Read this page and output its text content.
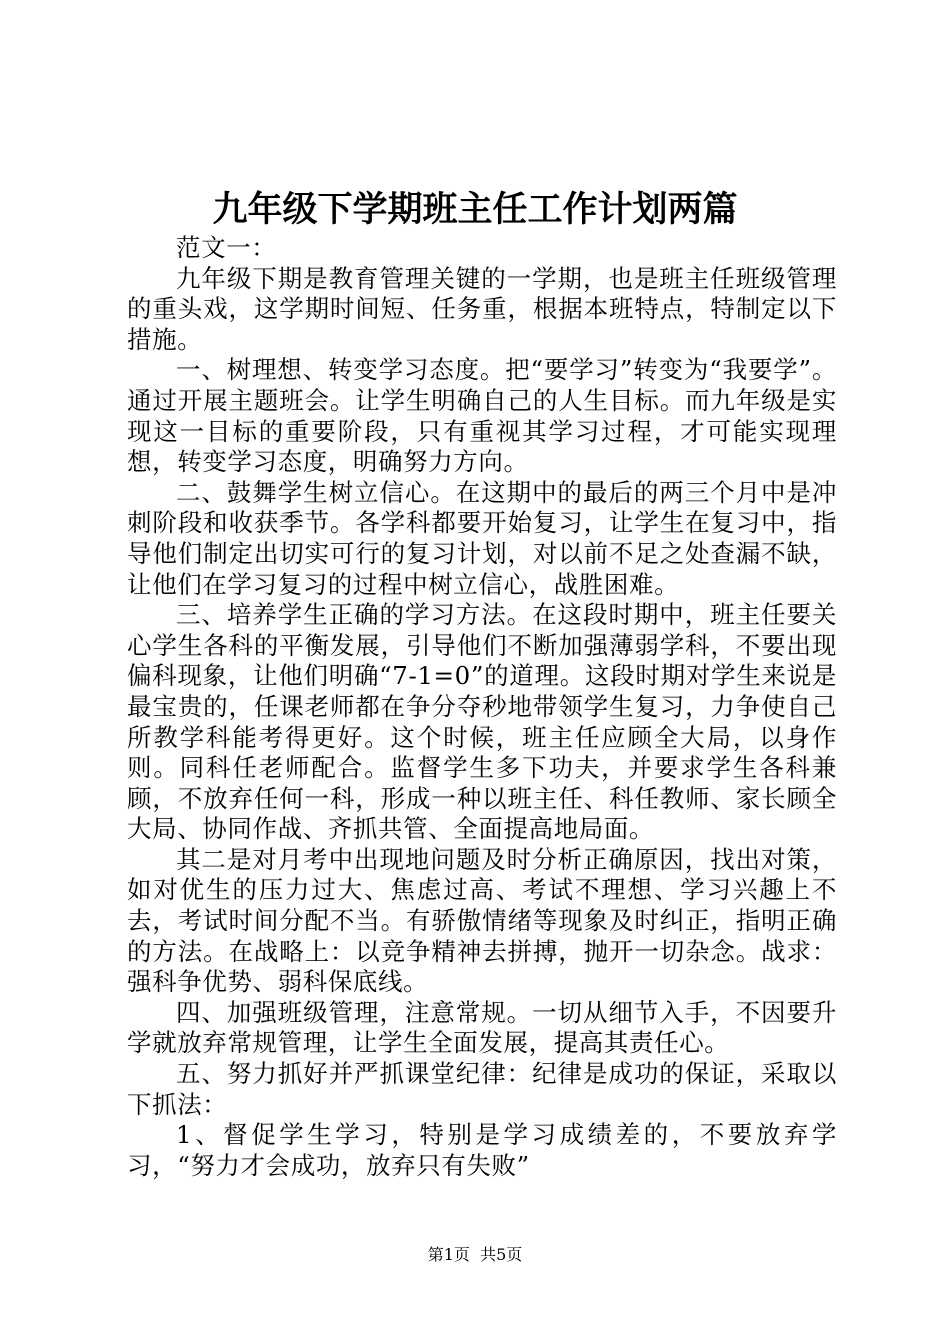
九年级下学期班主任工作计划两篇

范文一：

九年级下期是教育管理关键的一学期，也是班主任班级管理的重头戏，这学期时间短、任务重，根据本班特点，特制定以下措施。

一、树理想、转变学习态度。把“要学习”转变为“我要学”。通过开展主题班会。让学生明确自己的人生目标。而九年级是实现这一目标的重要阶段，只有重视其学习过程，才可能实现理想，转变学习态度，明确努力方向。

二、鼓舞学生树立信心。在这期中的最后的两三个月中是冲刺阶段和收获季节。各学科都要开始复习，让学生在复习中，指导他们制定出切实可行的复习计划，对以前不足之处查漏不缺，让他们在学习复习的过程中树立信心，战胜困难。

三、培养学生正确的学习方法。在这段时期中，班主任要关心学生各科的平衡发展，引导他们不断加强薄弱学科，不要出现偏科现象，让他们明确“7-1=0”的道理。这段时期对学生来说是最宝贵的，任课老师都在争分夺秒地带领学生复习，力争使自己所教学科能考得更好。这个时候，班主任应顾全大局，以身作则。同科任老师配合。监督学生多下功夫，并要求学生各科兼顾，不放弃任何一科，形成一种以班主任、科任教师、家长顾全大局、协同作战、齐抓共管、全面提高地局面。

其二是对月考中出现地问题及时分析正确原因，找出对策，如对优生的压力过大、焦虑过高、考试不理想、学习兴趣上不去，考试时间分配不当。有骄傲情绪等现象及时纠正，指明正确的方法。在战略上：以竞争精神去拼搏，抛开一切杂念。战求：强科争优势、弱科保底线。

四、加强班级管理，注意常规。一切从细节入手，不因要升学就放弃常规管理，让学生全面发展，提高其责任心。

五、努力抓好并严抓课堂纪律：纪律是成功的保证，采取以下抓法：

1、督促学生学习，特别是学习成绩差的，不要放弃学习，“努力才会成功，放弃只有失败”

第1页  共5页
